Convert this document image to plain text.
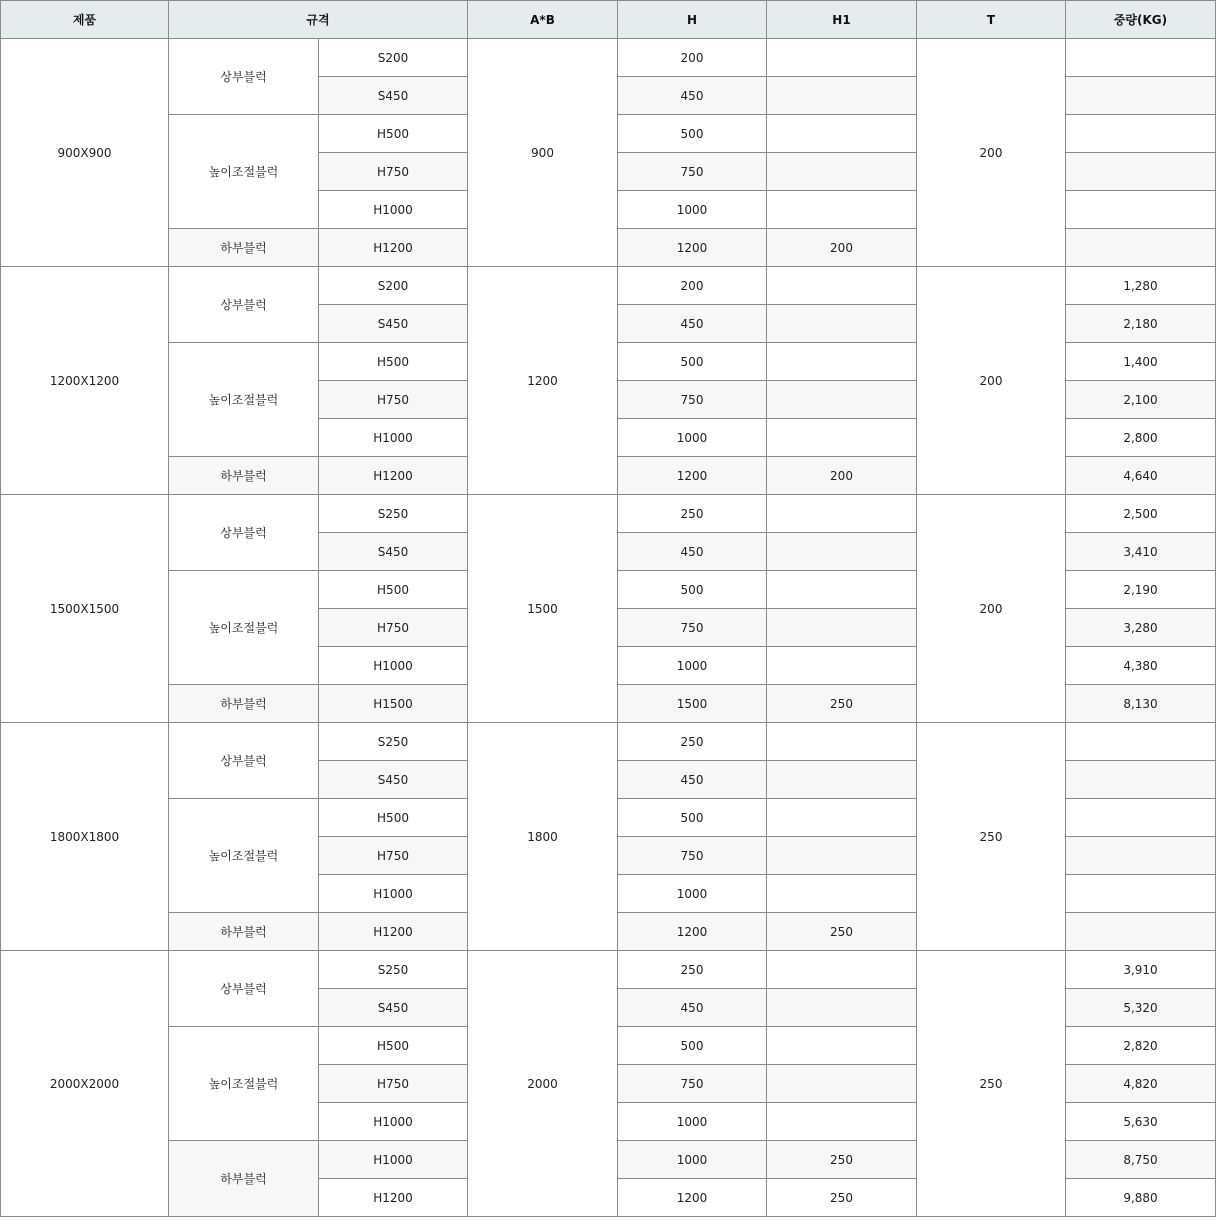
제품	규격		A*B	H	H1	T	중량(KG)
900X900	상부블럭	S200	900	200		200	
		S450		450			
	높이조절블럭	H500		500			
		H750		750			
		H1000		1000			
	하부블럭	H1200		1200	200		
1200X1200	상부블럭	S200	1200	200		200	1,280
		S450		450			2,180
	높이조절블럭	H500		500			1,400
		H750		750			2,100
		H1000		1000			2,800
	하부블럭	H1200		1200	200		4,640
1500X1500	상부블럭	S250	1500	250		200	2,500
		S450		450			3,410
	높이조절블럭	H500		500			2,190
		H750		750			3,280
		H1000		1000			4,380
	하부블럭	H1500		1500	250		8,130
1800X1800	상부블럭	S250	1800	250		250	
		S450		450			
	높이조절블럭	H500		500			
		H750		750			
		H1000		1000			
	하부블럭	H1200		1200	250		
2000X2000	상부블럭	S250	2000	250		250	3,910
		S450		450			5,320
	높이조절블럭	H500		500			2,820
		H750		750			4,820
		H1000		1000			5,630
	하부블럭	H1000		1000	250		8,750
		H1200		1200	250		9,880
